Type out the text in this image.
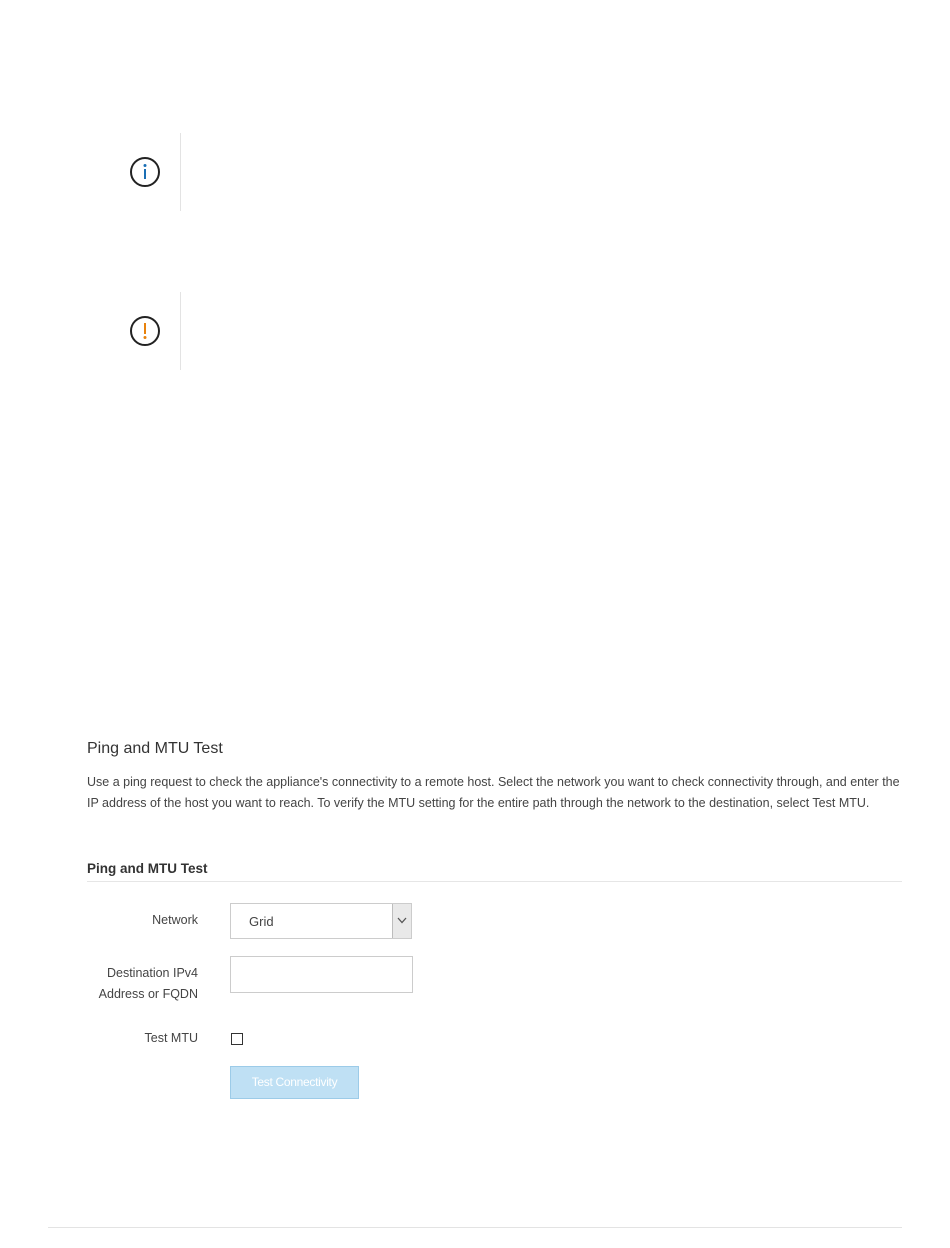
Ping and MTU Test

Use a ping request to check the appliance's connectivity to a remote host. Select the network you want to check connectivity through, and enter the IP address of the host you want to reach. To verify the MTU setting for the entire path through the network to the destination, select Test MTU.

Ping and MTU Test
Network	Grid
Destination IPv4
Address or FQDN
Test MTU
Test Connectivity
